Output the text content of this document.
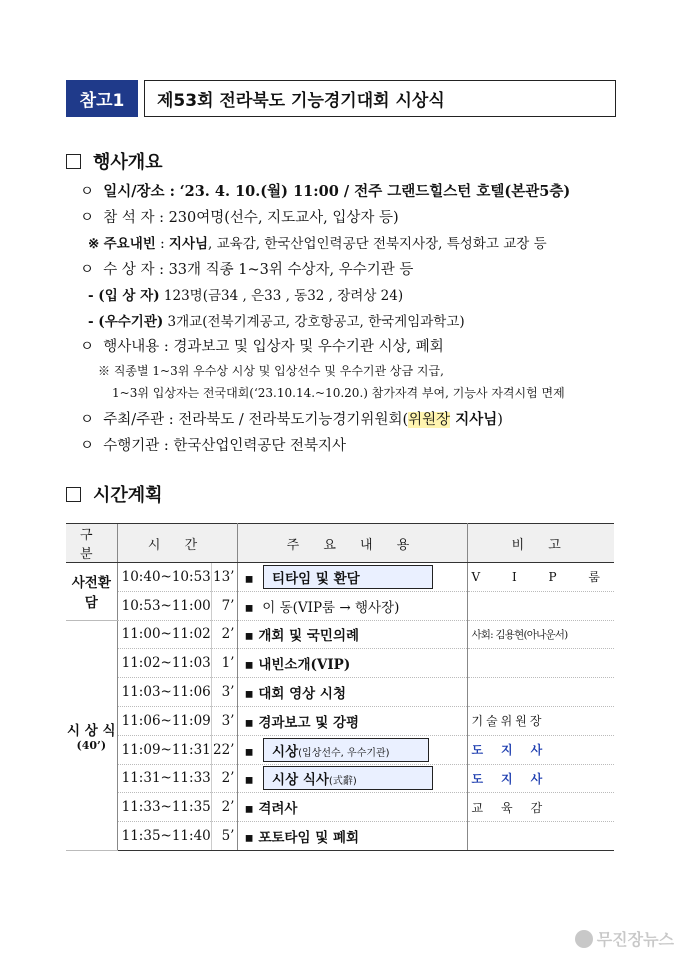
참고1	제53회 전라북도 기능경기대회 시상식
행사개요
ㅇ 일시/장소 : ‘23. 4. 10.(월) 11:00 / 전주 그랜드힐스턴 호텔(본관5층)
ㅇ 참 석 자 : 230여명(선수, 지도교사, 입상자 등)
※ 주요내빈 : 지사님, 교육감, 한국산업인력공단 전북지사장, 특성화고 교장 등
ㅇ 수 상 자 : 33개 직종 1~3위 수상자, 우수기관 등
- (입 상 자) 123명(금34 , 은33 , 동32 , 장려상 24)
- (우수기관) 3개교(전북기계공고, 강호항공고, 한국게임과학고)
ㅇ 행사내용 : 경과보고 및 입상자 및 우수기관 시상, 폐회
※ 직종별 1~3위 우수상 시상 및 입상선수 및 우수기관 상금 지급,
1~3위 입상자는 전국대회(‘23.10.14.~10.20.) 참가자격 부여, 기능사 자격시험 면제
ㅇ 주최/주관 : 전라북도 / 전라북도기능경기위원회(위원장 지사님)
ㅇ 수행기관 : 한국산업인력공단 전북지사
시간계획
구 분	시 간		주 요 내 용	비 고
사전환담	10:40~10:53	13’	▪ 티타임 및 환담	V I P 룸
	10:53~11:00	7’	▪ 이 동(VIP룸 → 행사장)	

시 상 식
(40’)	11:00~11:02	2’	▪ 개회 및 국민의례	사회: 김용현(아나운서)
	11:02~11:03	1’	▪ 내빈소개(VIP)	
	11:03~11:06	3’	▪ 대회 영상 시청	
	11:06~11:09	3’	▪ 경과보고 및 강평	기술위원장
	11:09~11:31	22’	▪ 시상(입상선수, 우수기관)	도지사
	11:31~11:33	2’	▪ 시상 식사(式辭)	도지사
	11:33~11:35	2’	▪ 격려사	교육감
	11:35~11:40	5’	▪ 포토타임 및 폐회	
무진장뉴스
